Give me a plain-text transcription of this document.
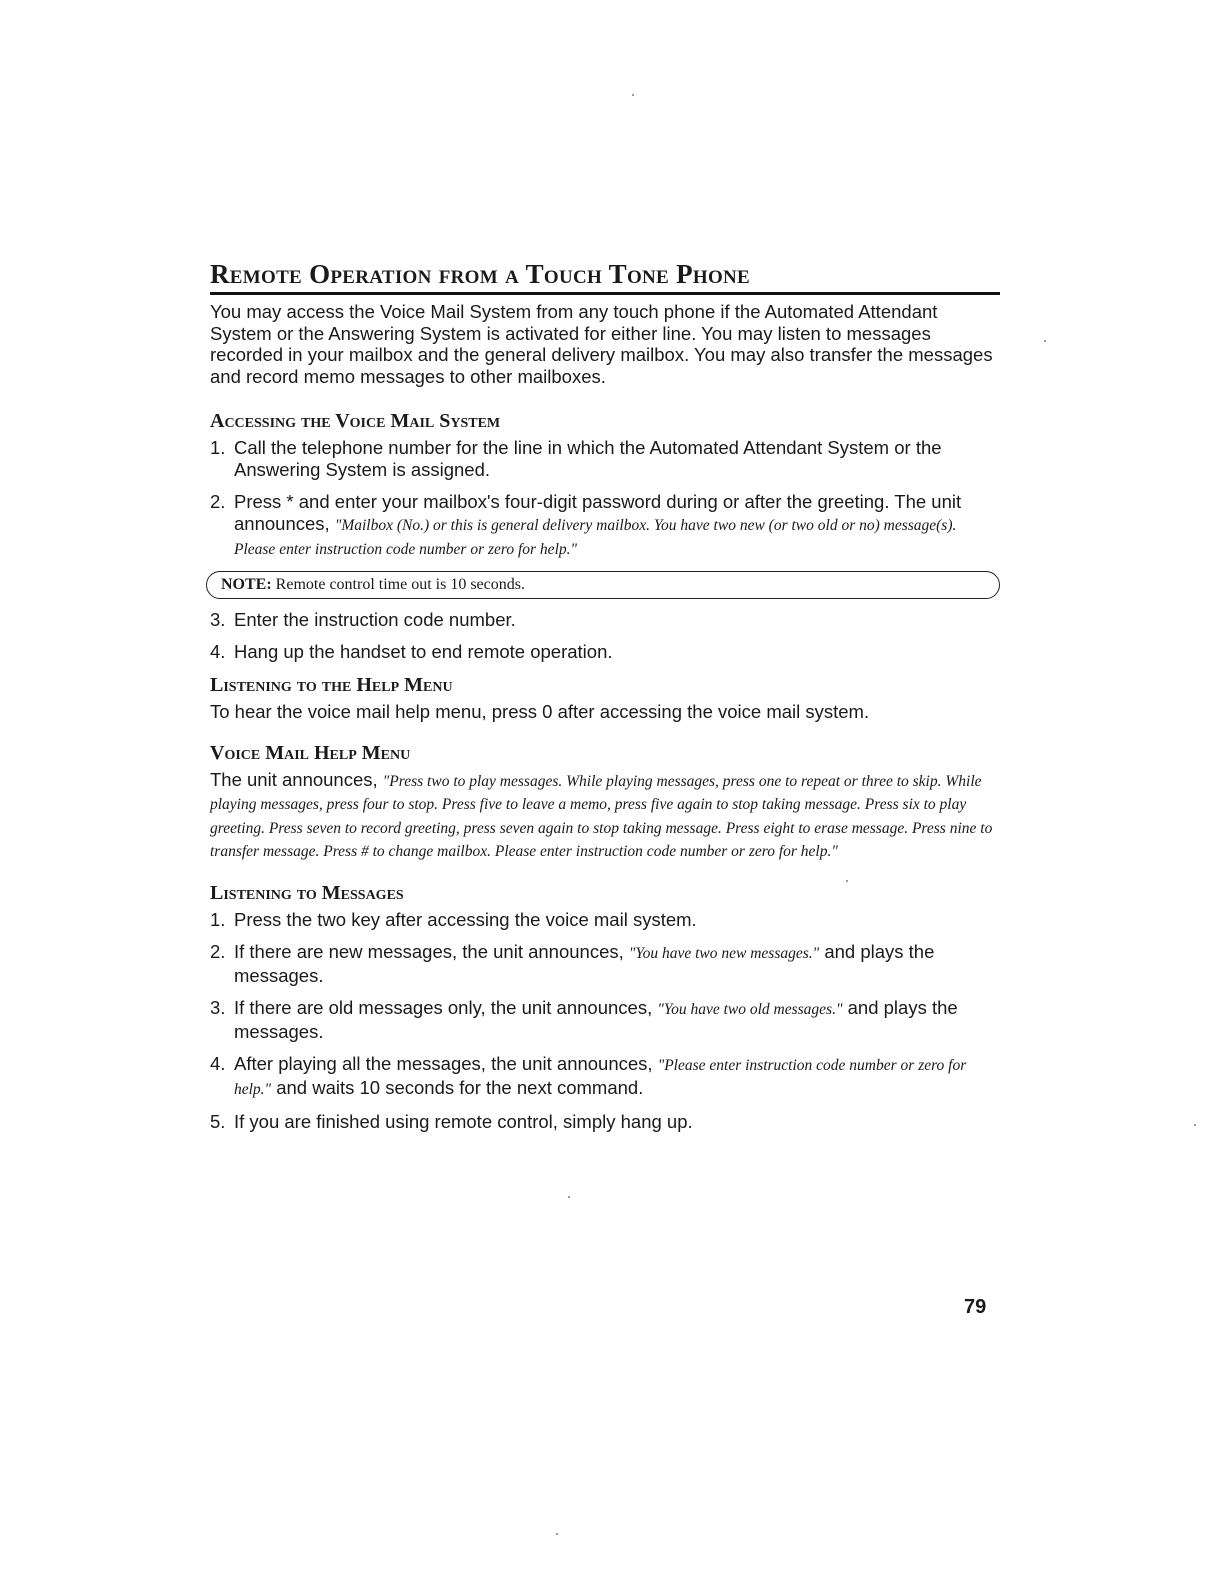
Remote Operation from a Touch Tone Phone

You may access the Voice Mail System from any touch phone if the Automated Attendant System or the Answering System is activated for either line. You may listen to messages recorded in your mailbox and the general delivery mailbox. You may also transfer the messages and record memo messages to other mailboxes.

Accessing the Voice Mail System
1. Call the telephone number for the line in which the Automated Attendant System or the Answering System is assigned.
2. Press * and enter your mailbox's four-digit password during or after the greeting. The unit announces, "Mailbox (No.) or this is general delivery mailbox. You have two new (or two old or no) message(s). Please enter instruction code number or zero for help."
NOTE: Remote control time out is 10 seconds.
3. Enter the instruction code number.
4. Hang up the handset to end remote operation.
Listening to the Help Menu

To hear the voice mail help menu, press 0 after accessing the voice mail system.

Voice Mail Help Menu

The unit announces, "Press two to play messages. While playing messages, press one to repeat or three to skip. While playing messages, press four to stop. Press five to leave a memo, press five again to stop taking message. Press six to play greeting. Press seven to record greeting, press seven again to stop taking message. Press eight to erase message. Press nine to transfer message. Press # to change mailbox. Please enter instruction code number or zero for help."

Listening to Messages
1. Press the two key after accessing the voice mail system.
2. If there are new messages, the unit announces, "You have two new messages." and plays the messages.
3. If there are old messages only, the unit announces, "You have two old messages." and plays the messages.
4. After playing all the messages, the unit announces, "Please enter instruction code number or zero for help." and waits 10 seconds for the next command.
5. If you are finished using remote control, simply hang up.
79
